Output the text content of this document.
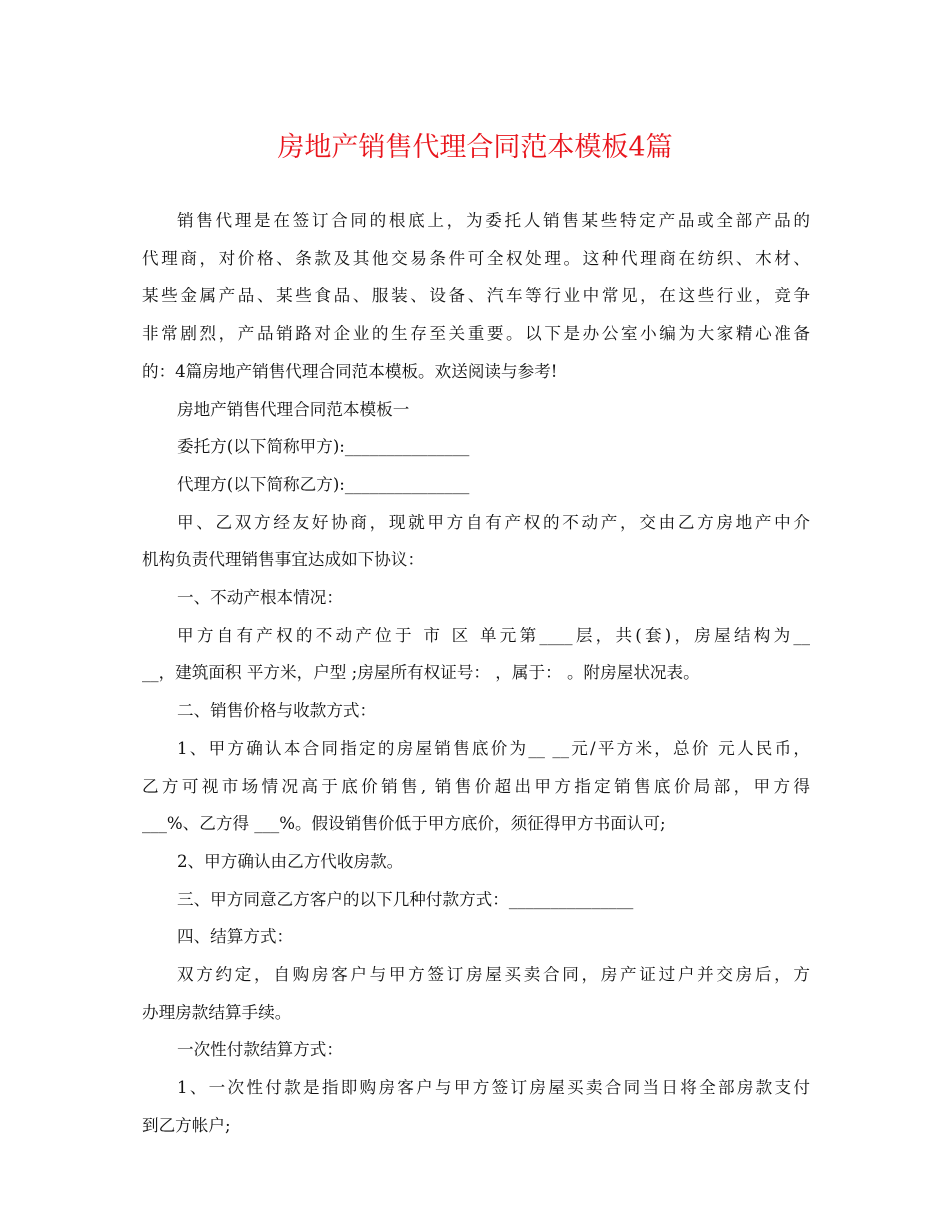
房地产销售代理合同范本模板4篇

销售代理是在签订合同的根底上，为委托人销售某些特定产品或全部产品的
代理商，对价格、条款及其他交易条件可全权处理。这种代理商在纺织、木材、
某些金属产品、某些食品、服装、设备、汽车等行业中常见，在这些行业，竞争
非常剧烈，产品销路对企业的生存至关重要。以下是办公室小编为大家精心准备
的：4篇房地产销售代理合同范本模板。欢送阅读与参考!

房地产销售代理合同范本模板一

委托方(以下简称甲方):_______________

代理方(以下简称乙方):_______________

甲、乙双方经友好协商，现就甲方自有产权的不动产，交由乙方房地产中介
机构负责代理销售事宜达成如下协议：

一、不动产根本情况：

甲方自有产权的不动产位于 市 区 单元第____层，共(套)，房屋结构为__
__，建筑面积 平方米，户型 ;房屋所有权证号： ，属于： 。附房屋状况表。

二、销售价格与收款方式：

1、甲方确认本合同指定的房屋销售底价为__ __元/平方米，总价 元人民币，
乙方可视市场情况高于底价销售, 销售价超出甲方指定销售底价局部，甲方得
___%、乙方得 ___%。假设销售价低于甲方底价，须征得甲方书面认可;

2、甲方确认由乙方代收房款。

三、甲方同意乙方客户的以下几种付款方式：_______________

四、结算方式：

双方约定，自购房客户与甲方签订房屋买卖合同，房产证过户并交房后，方
办理房款结算手续。

一次性付款结算方式：

1、一次性付款是指即购房客户与甲方签订房屋买卖合同当日将全部房款支付
到乙方帐户;
